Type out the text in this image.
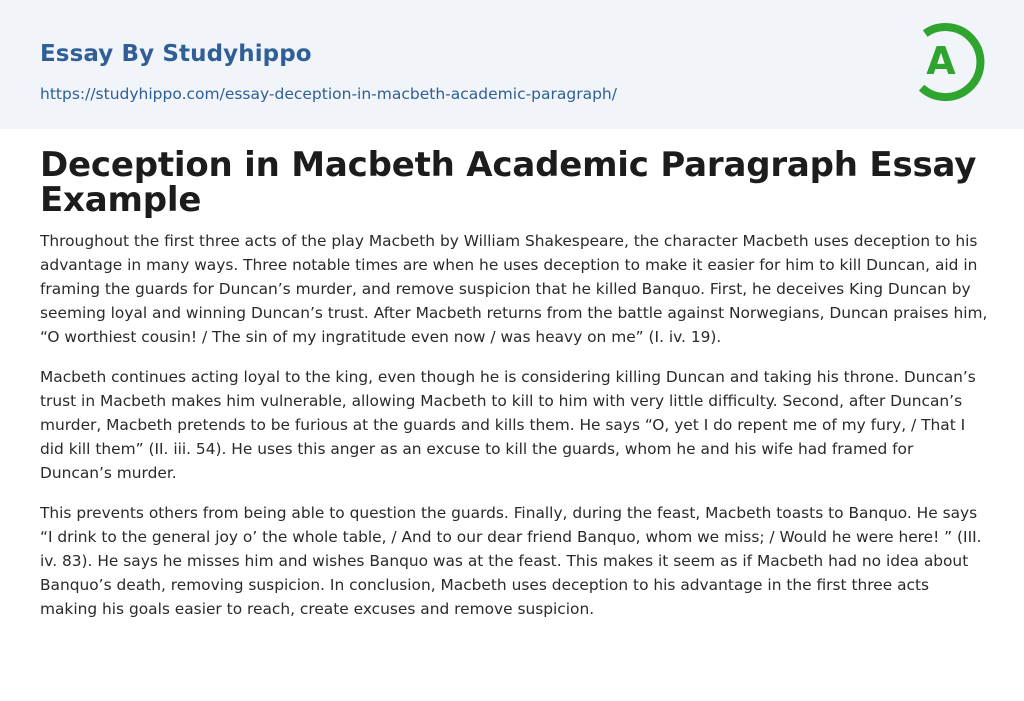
Essay By Studyhippo
https://studyhippo.com/essay-deception-in-macbeth-academic-paragraph/
A
Deception in Macbeth Academic Paragraph Essay Example

Throughout the first three acts of the play Macbeth by William Shakespeare, the character Macbeth uses deception to his advantage in many ways. Three notable times are when he uses deception to make it easier for him to kill Duncan, aid in framing the guards for Duncan’s murder, and remove suspicion that he killed Banquo. First, he deceives King Duncan by seeming loyal and winning Duncan’s trust. After Macbeth returns from the battle against Norwegians, Duncan praises him, “O worthiest cousin! / The sin of my ingratitude even now / was heavy on me” (I. iv. 19).

Macbeth continues acting loyal to the king, even though he is considering killing Duncan and taking his throne. Duncan’s trust in Macbeth makes him vulnerable, allowing Macbeth to kill to him with very little difficulty. Second, after Duncan’s murder, Macbeth pretends to be furious at the guards and kills them. He says “O, yet I do repent me of my fury, / That I did kill them” (II. iii. 54). He uses this anger as an excuse to kill the guards, whom he and his wife had framed for Duncan’s murder.

This prevents others from being able to question the guards. Finally, during the feast, Macbeth toasts to Banquo. He says “I drink to the general joy o’ the whole table, / And to our dear friend Banquo, whom we miss; / Would he were here! ” (III. iv. 83). He says he misses him and wishes Banquo was at the feast. This makes it seem as if Macbeth had no idea about Banquo’s death, removing suspicion. In conclusion, Macbeth uses deception to his advantage in the first three acts making his goals easier to reach, create excuses and remove suspicion.
